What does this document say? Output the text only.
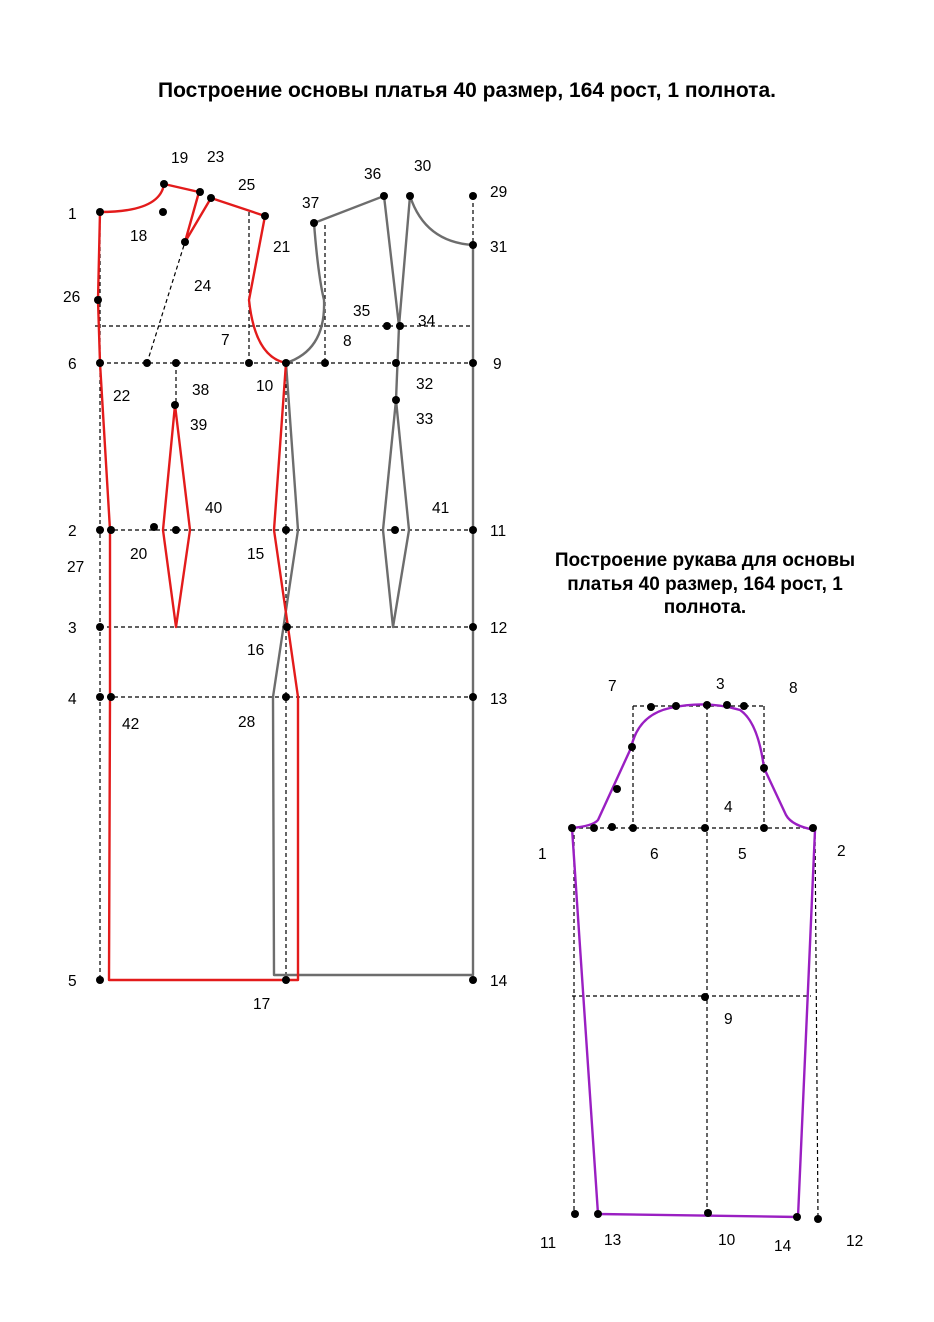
Построение основы платья 40 размер, 164 рост, 1 полнота.
Построение рукава для основы платья 40 размер, 164 рост, 1 полнота.
1
2
3
4
5
6
7	8
9
10
11
12
13
14
15
16
17
18
19
20
21
22
23
24
25
26
27
28
29
30
31
32
33
34
35
36
37
38
39
40	41
42
1	2
3
4
5
6
7	8
9
10
11	12
13	14
